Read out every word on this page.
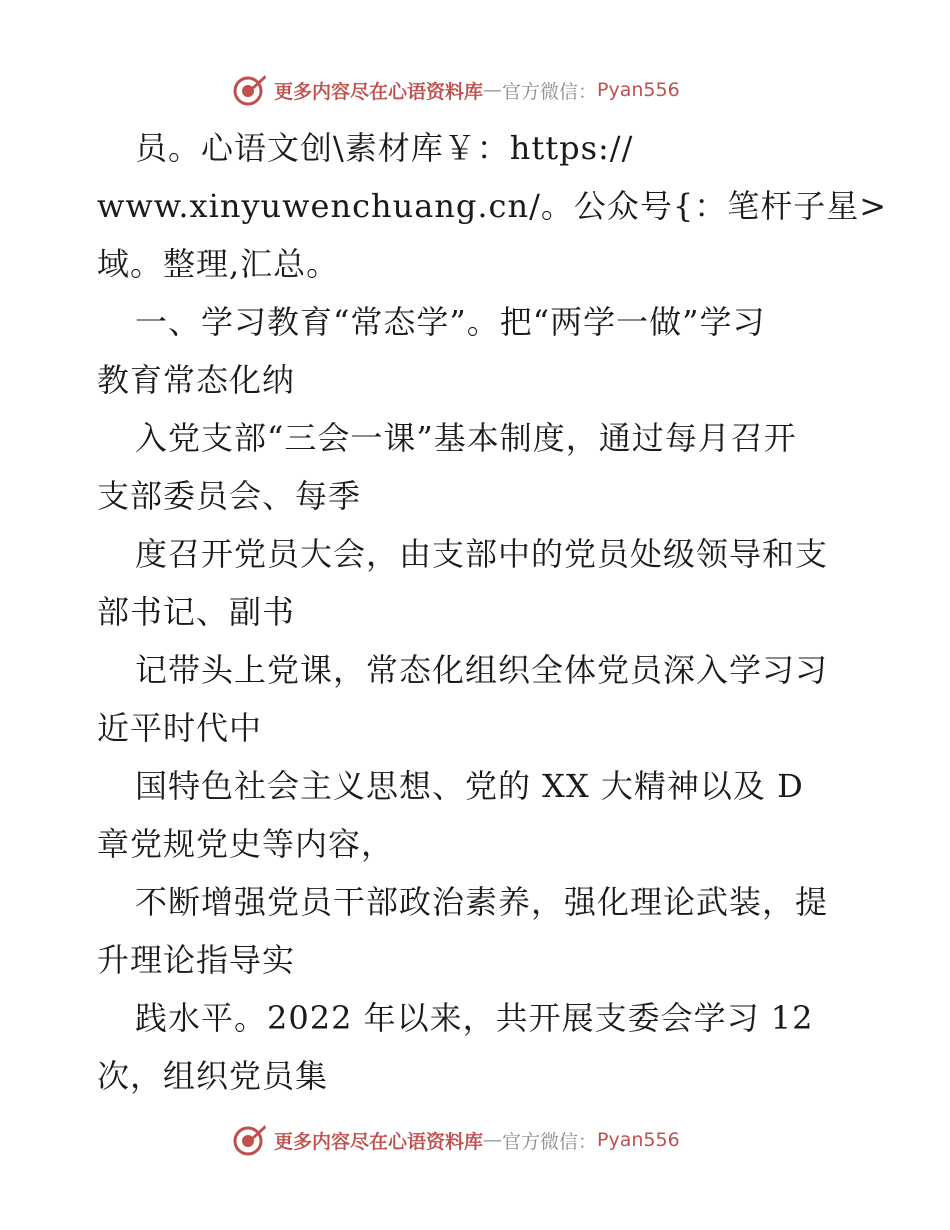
更多内容尽在心语资料库 — 官方微信： Pyan556
员。心语文创\素材库￥：https://
www.xinyuwenchuang.cn/。公众号{：笔杆子星>
域。整理,汇总。
一、学习教育“常态学”。把“两学一做”学习
教育常态化纳
入党支部“三会一课”基本制度，通过每月召开
支部委员会、每季
度召开党员大会，由支部中的党员处级领导和支
部书记、副书
记带头上党课，常态化组织全体党员深入学习习
近平时代中
国特色社会主义思想、党的 XX 大精神以及 D
章党规党史等内容，
不断增强党员干部政治素养，强化理论武装，提
升理论指导实
践水平。2022 年以来，共开展支委会学习 12
次，组织党员集
更多内容尽在心语资料库 — 官方微信： Pyan556
